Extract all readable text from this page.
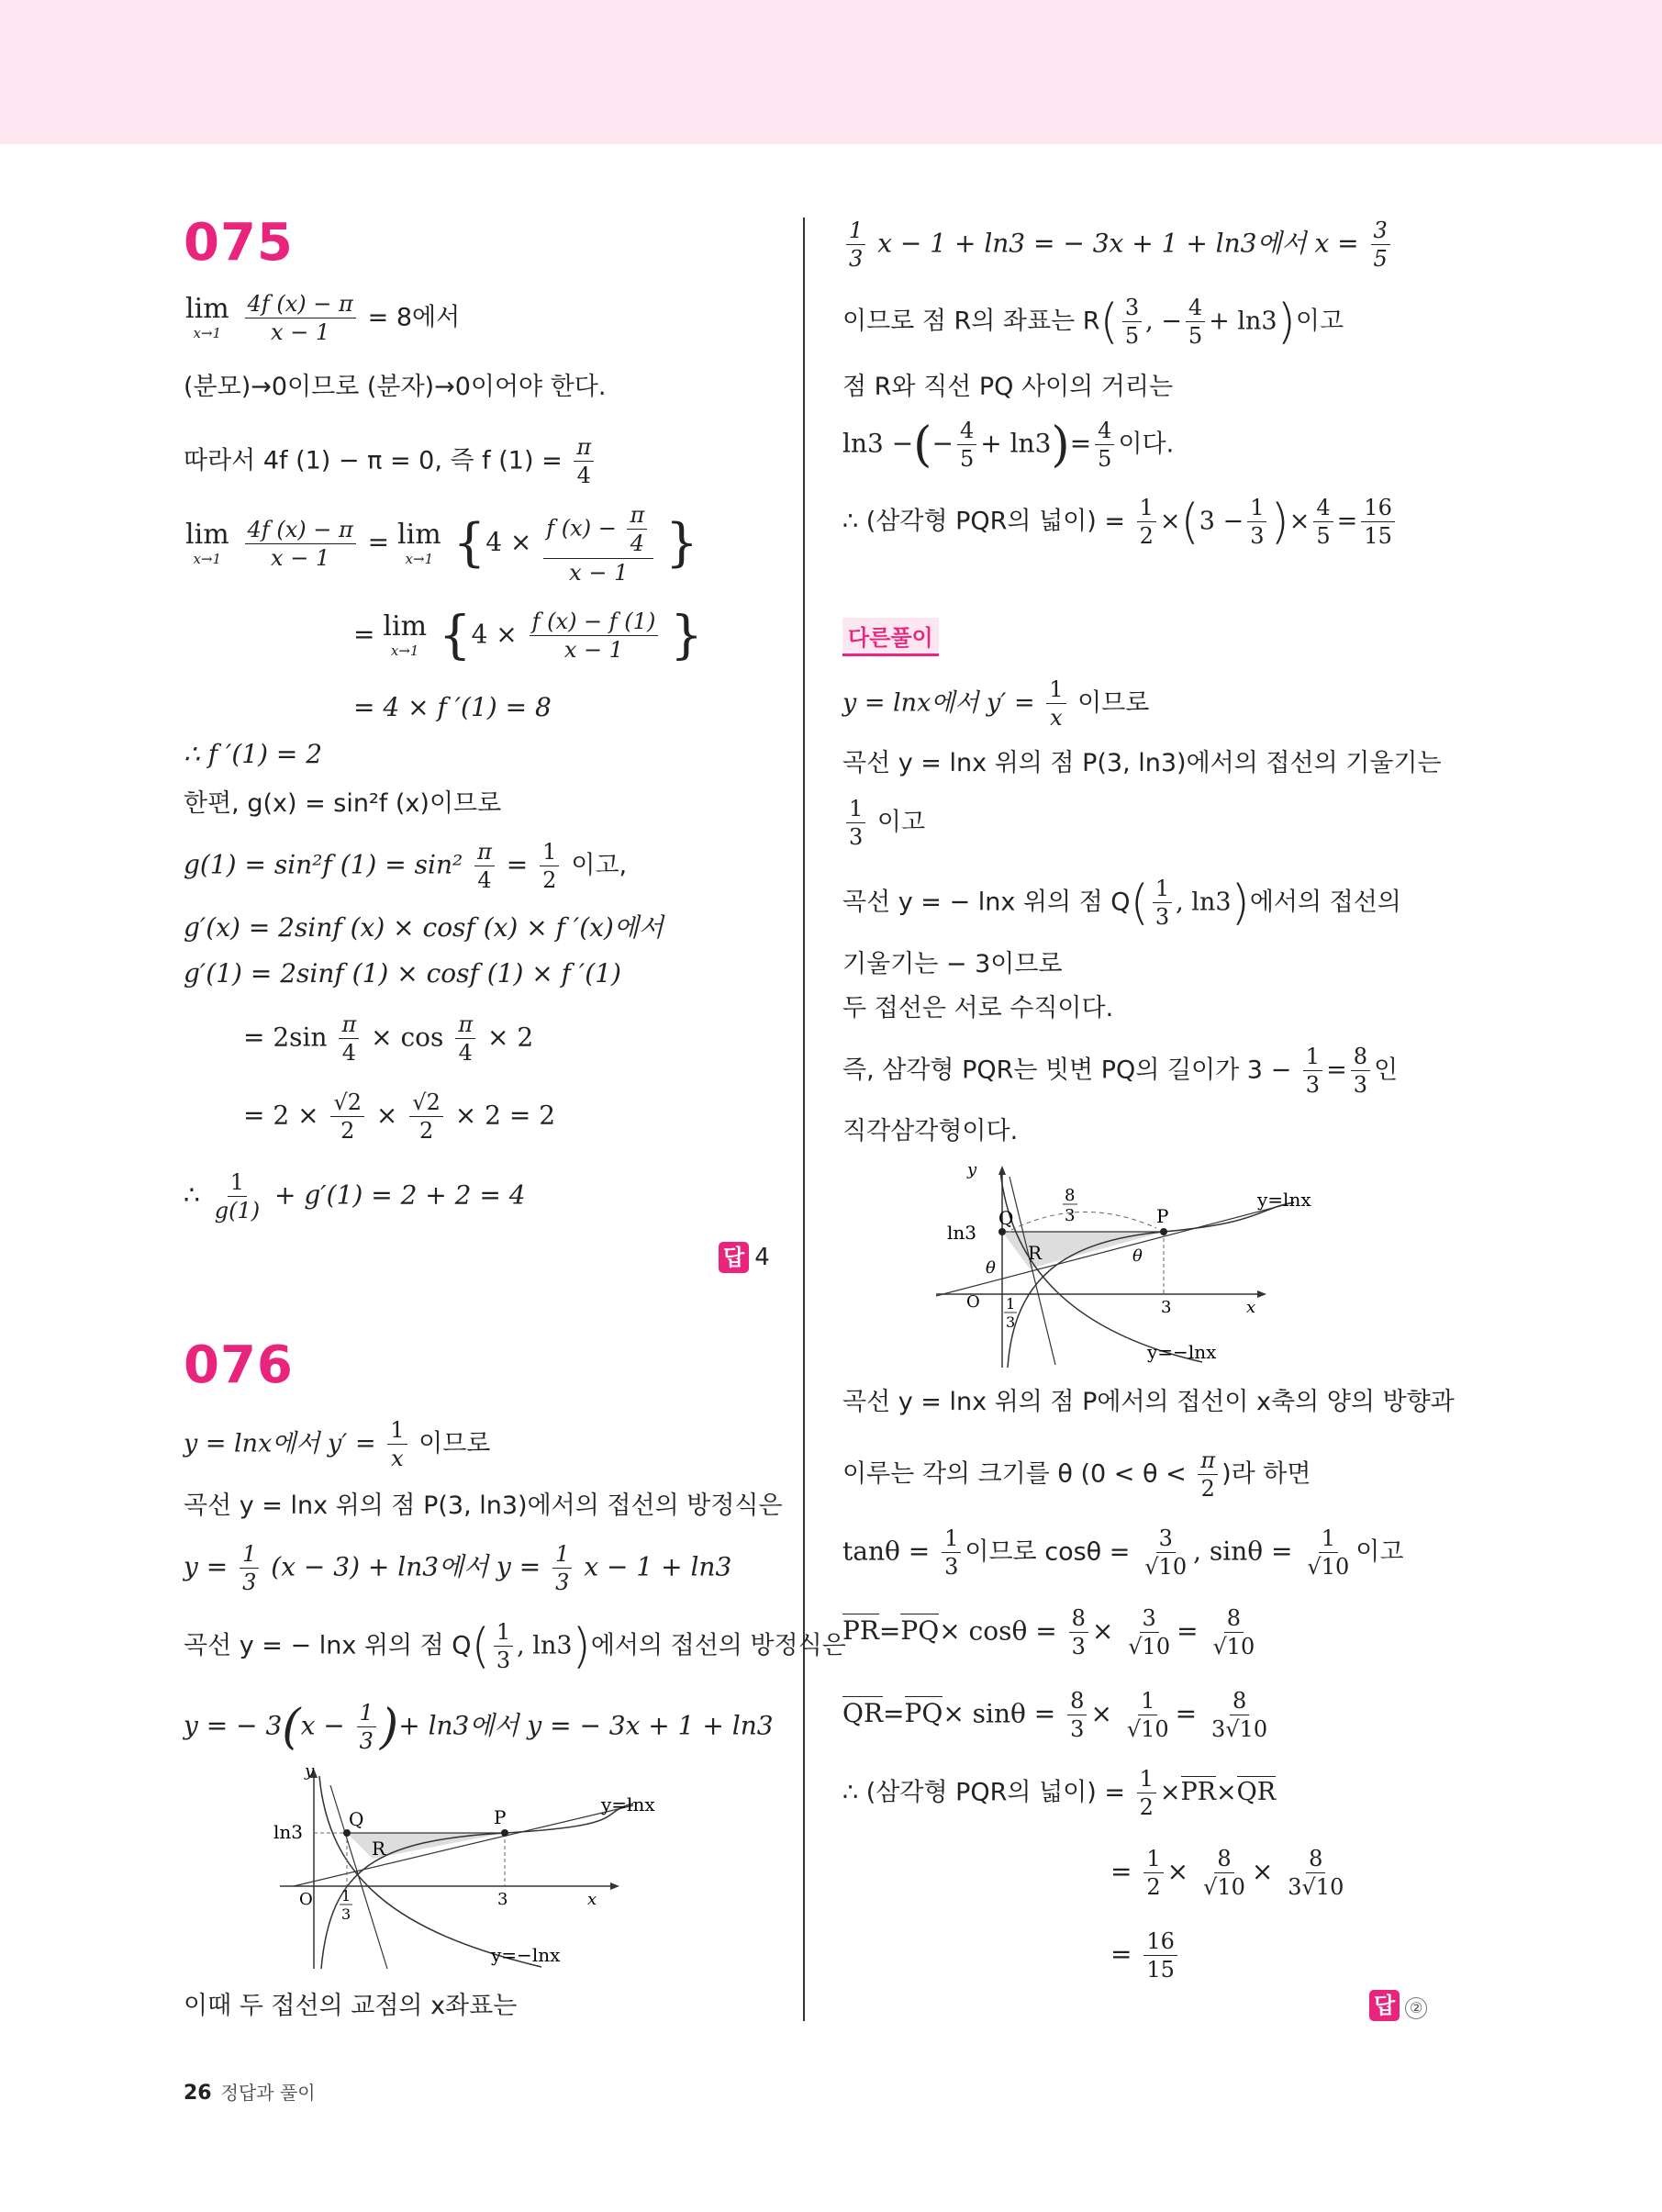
075
lim
x→1
$\frac{4f (x) - \pi}{x - 1} = 8$에서
(분모)→0이므로 (분자)→0이어야 한다.
따라서 4f (1) − π = 0, 즉 f $(1) = \frac{\pi}{4}$
lim
x→1
$\frac{4f (x) - \pi}{x - 1} = \lim$
x→1 {$4 \times \frac{f (x) - \frac{\pi}{4}}{x - 1}$ }
= lim
x→1 {$4 \times \frac{f (x) - f (1)}{x - 1}$ }
= 4 × f ′(1) = 8
∴ f ′(1) = 2
한편, g(x) = sin²f (x)이므로
g(1) = sin²f $(1) = \sin^2 \frac{\pi}{4} = \frac{1}{2}$ 이고,
g′(x) = 2sinf (x) × cosf (x) × f ′(x)에서
g′(1) = 2sinf (1) × cosf (1) × f ′(1)
= $2\sin \frac{\pi}{4} \times \cos \frac{\pi}{4} \times 2$
= $2 \times \frac{√2}{2} \times \frac{√2}{2} \times 2 = 2$
∴ $\frac{1}{g(1)} + g'(1) = 2 + 2 = 4$
답 4
076
y = lnx에서 $y' = \frac{1}{x}$ 이므로
곡선 y = lnx 위의 점 P(3, ln3)에서의 접선의 방정식은
$y = \frac{1}{3} (x - 3) + \ln 3$에서 $y = \frac{1}{3}$ x − 1 + ln3
곡선 y = − lnx 위의 점 $Q( \frac{1}{3}$ , ln3)에서의 접선의 방정식은
y = − $3(x - \frac{1}{3}$ )+ ln3에서 y = − 3x + 1 + ln3
y
x
O
ln3
Q	P
R
3
1
3
y=lnx
y=−lnx
이때 두 접선의 교점의 x좌표는
$\frac{1}{3}$ x − 1 + ln3 = − 3x + 1 + ln3에서 $x = \frac{3}{5}$
이므로 점 R의 좌표는 $R( \frac{3}{5}$ , − $\frac{4}{5} + \ln 3$)이고
점 R와 직선 PQ 사이의 거리는
ln3 −(− $\frac{4}{5} + \ln 3)= \frac{4}{5}$ 이다.
∴ (삼각형 PQR의 넓이) = $\frac{1}{2} \times(3 - \frac{1}{3}$ )× $\frac{4}{5} = \frac{16}{15}$
다른풀이
y = lnx에서 $y' = \frac{1}{x}$ 이므로
곡선 y = lnx 위의 점 P(3, ln3)에서의 접선의 기울기는
$\frac{1}{3}$ 이고
곡선 y = − lnx 위의 점 $Q( \frac{1}{3}$ , ln3)에서의 접선의
기울기는 − 3이므로
두 접선은 서로 수직이다.
즉, 삼각형 PQR는 빗변 PQ의 길이가 $3 - \frac{1}{3} = \frac{8}{3}$ 인
직각삼각형이다.
y
x
O
ln3
Q	P
R
3
8
3
θ
θ
1
3
y=lnx
y=−lnx
곡선 y = lnx 위의 점 P에서의 접선이 x축의 양의 방향과
이루는 각의 크기를 θ ($0 < \theta < \frac{\pi}{2}$ )라 하면
$\tan\theta = \frac{1}{3}$ 이므로 $\cos\theta = \frac{3}{√10}$ , $\sin\theta = \frac{1}{√10}$ 이고
$PR=PQ\times \cos\theta = \frac{8}{3} \times \frac{3}{√10} = \frac{8}{√10}$
$QR=PQ\times \sin\theta = \frac{8}{3} \times \frac{1}{√10} = \frac{8}{3√10}$
∴ (삼각형 PQR의 넓이) = $\frac{1}{2} \times PR\times QR$
= $\frac{1}{2} \times \frac{8}{√10} \times \frac{8}{3√10}$
= $\frac{16}{15}$
답 ②
26 정답과 풀이
